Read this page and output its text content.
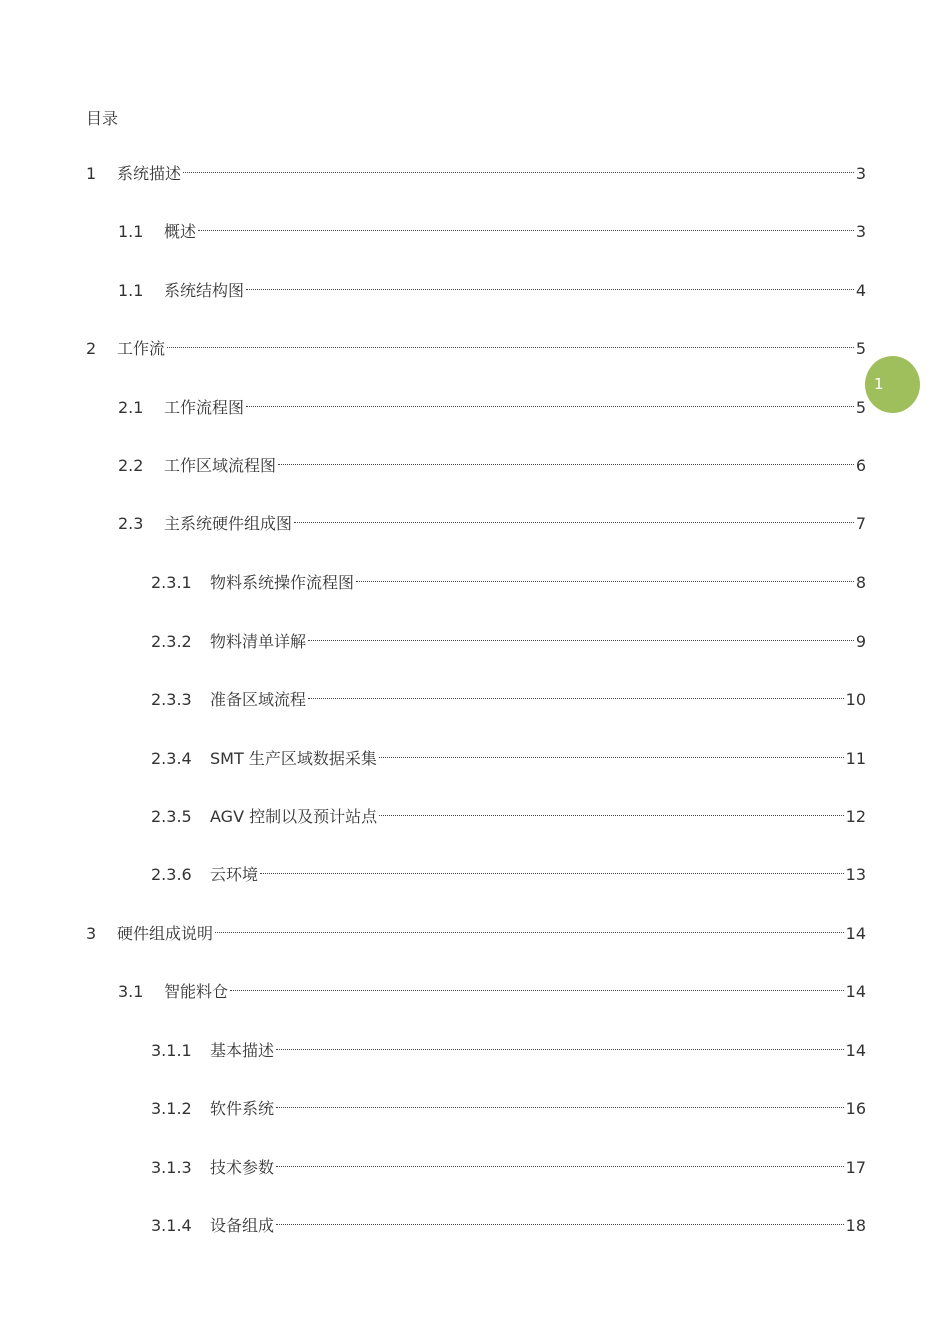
目录
1	系统描述	3
1.1	概述	3
1.1	系统结构图	4
2	工作流	5
2.1	工作流程图	5
2.2	工作区域流程图	6
2.3	主系统硬件组成图	7
2.3.1	物料系统操作流程图	8
2.3.2	物料清单详解	9
2.3.3	准备区域流程	10
2.3.4	SMT 生产区域数据采集	11
2.3.5	AGV 控制以及预计站点	12
2.3.6	云环境	13
3	硬件组成说明	14
3.1	智能料仓	14
3.1.1	基本描述	14
3.1.2	软件系统	16
3.1.3	技术参数	17
3.1.4	设备组成	18
1
